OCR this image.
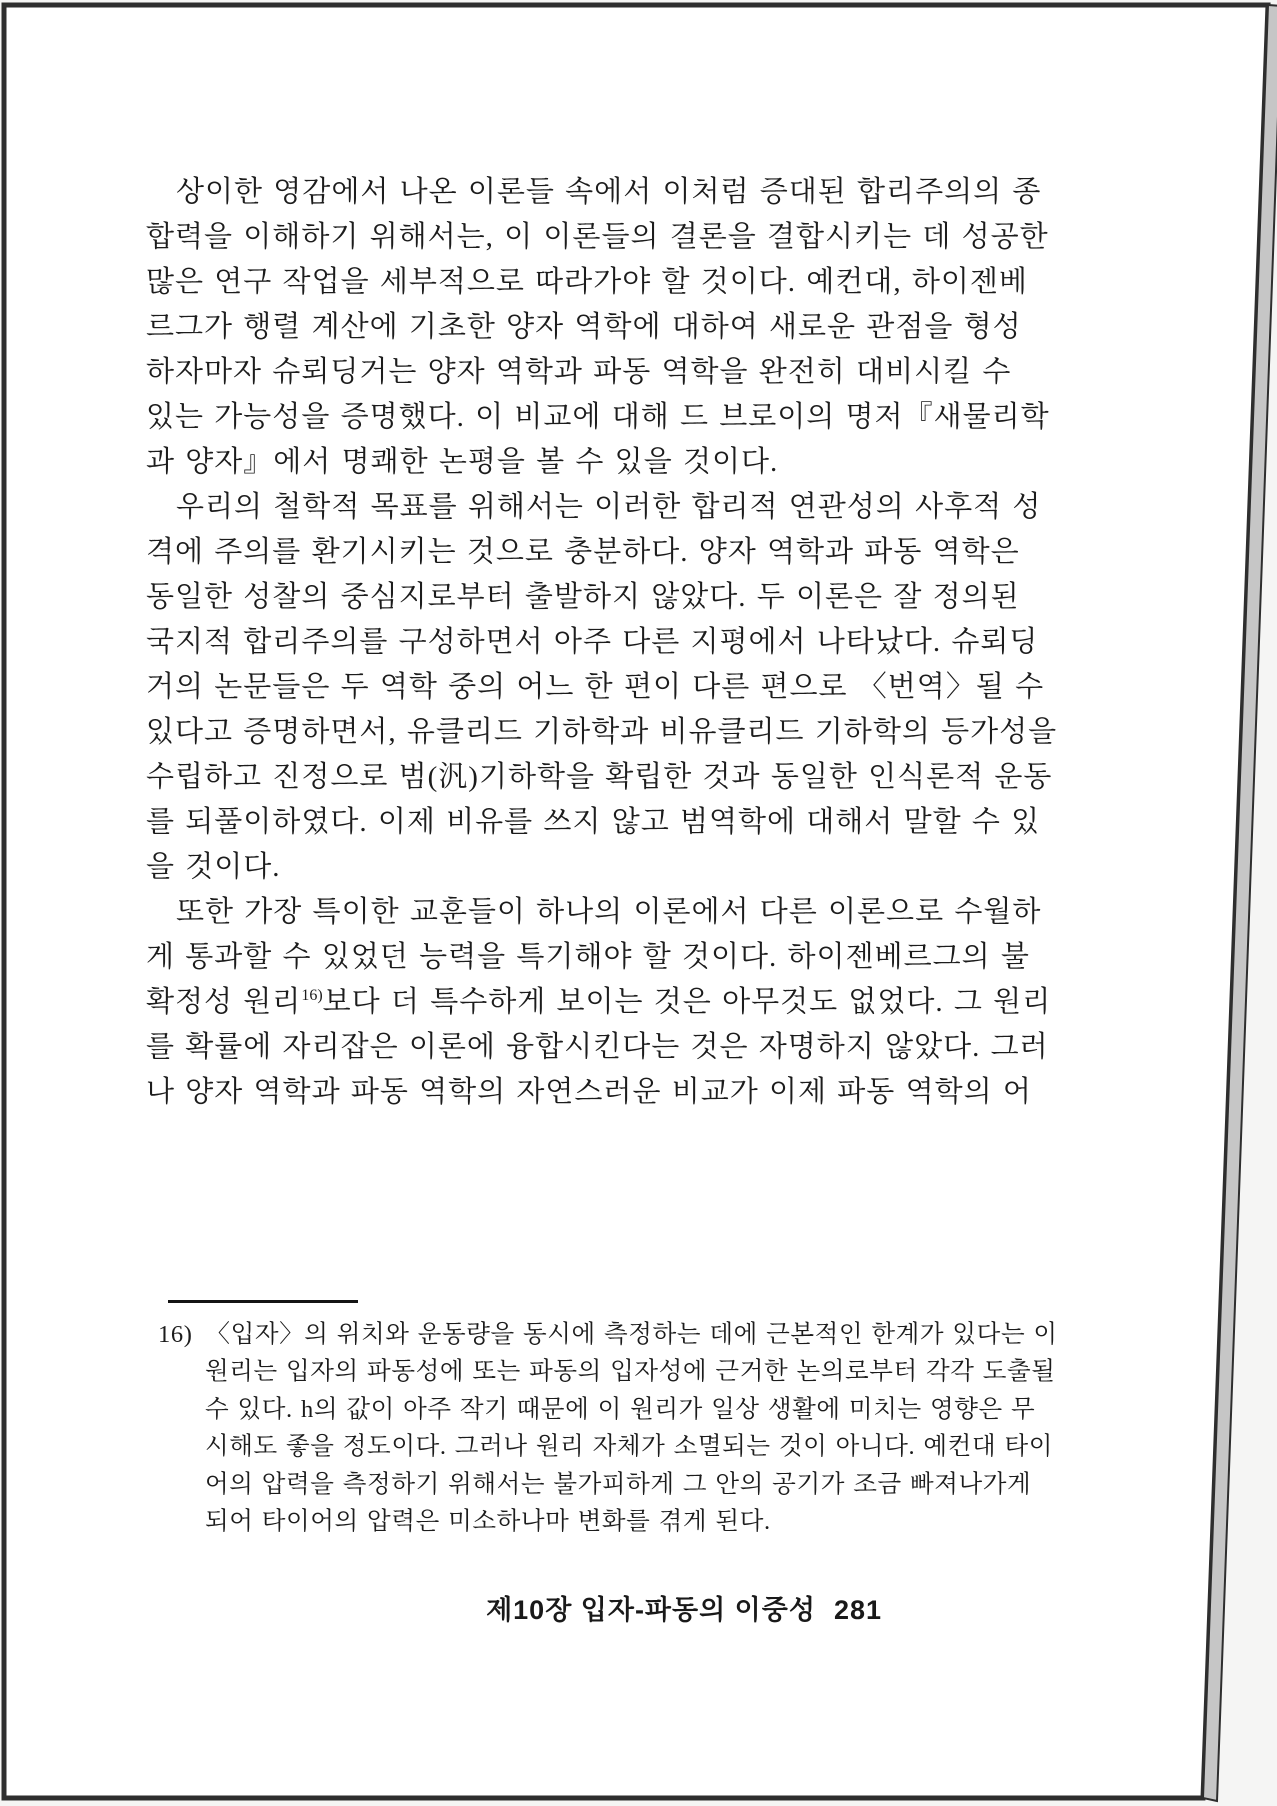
상이한 영감에서 나온 이론들 속에서 이처럼 증대된 합리주의의 종
합력을 이해하기 위해서는, 이 이론들의 결론을 결합시키는 데 성공한
많은 연구 작업을 세부적으로 따라가야 할 것이다. 예컨대, 하이젠베
르그가 행렬 계산에 기초한 양자 역학에 대하여 새로운 관점을 형성
하자마자 슈뢰딩거는 양자 역학과 파동 역학을 완전히 대비시킬 수
있는 가능성을 증명했다. 이 비교에 대해 드 브로이의 명저『새물리학
과 양자』에서 명쾌한 논평을 볼 수 있을 것이다.
우리의 철학적 목표를 위해서는 이러한 합리적 연관성의 사후적 성
격에 주의를 환기시키는 것으로 충분하다. 양자 역학과 파동 역학은
동일한 성찰의 중심지로부터 출발하지 않았다. 두 이론은 잘 정의된
국지적 합리주의를 구성하면서 아주 다른 지평에서 나타났다. 슈뢰딩
거의 논문들은 두 역학 중의 어느 한 편이 다른 편으로 〈번역〉될 수
있다고 증명하면서, 유클리드 기하학과 비유클리드 기하학의 등가성을
수립하고 진정으로 범(汎)기하학을 확립한 것과 동일한 인식론적 운동
를 되풀이하였다. 이제 비유를 쓰지 않고 범역학에 대해서 말할 수 있
을 것이다.
또한 가장 특이한 교훈들이 하나의 이론에서 다른 이론으로 수월하
게 통과할 수 있었던 능력을 특기해야 할 것이다. 하이젠베르그의 불
확정성 원리$^{16)}$보다 더 특수하게 보이는 것은 아무것도 없었다. 그 원리
를 확률에 자리잡은 이론에 융합시킨다는 것은 자명하지 않았다. 그러
나 양자 역학과 파동 역학의 자연스러운 비교가 이제 파동 역학의 어
16) 〈입자〉의 위치와 운동량을 동시에 측정하는 데에 근본적인 한계가 있다는 이
원리는 입자의 파동성에 또는 파동의 입자성에 근거한 논의로부터 각각 도출될
수 있다. h의 값이 아주 작기 때문에 이 원리가 일상 생활에 미치는 영향은 무
시해도 좋을 정도이다. 그러나 원리 자체가 소멸되는 것이 아니다. 예컨대 타이
어의 압력을 측정하기 위해서는 불가피하게 그 안의 공기가 조금 빠져나가게
되어 타이어의 압력은 미소하나마 변화를 겪게 된다.
제10장 입자-파동의 이중성 281
